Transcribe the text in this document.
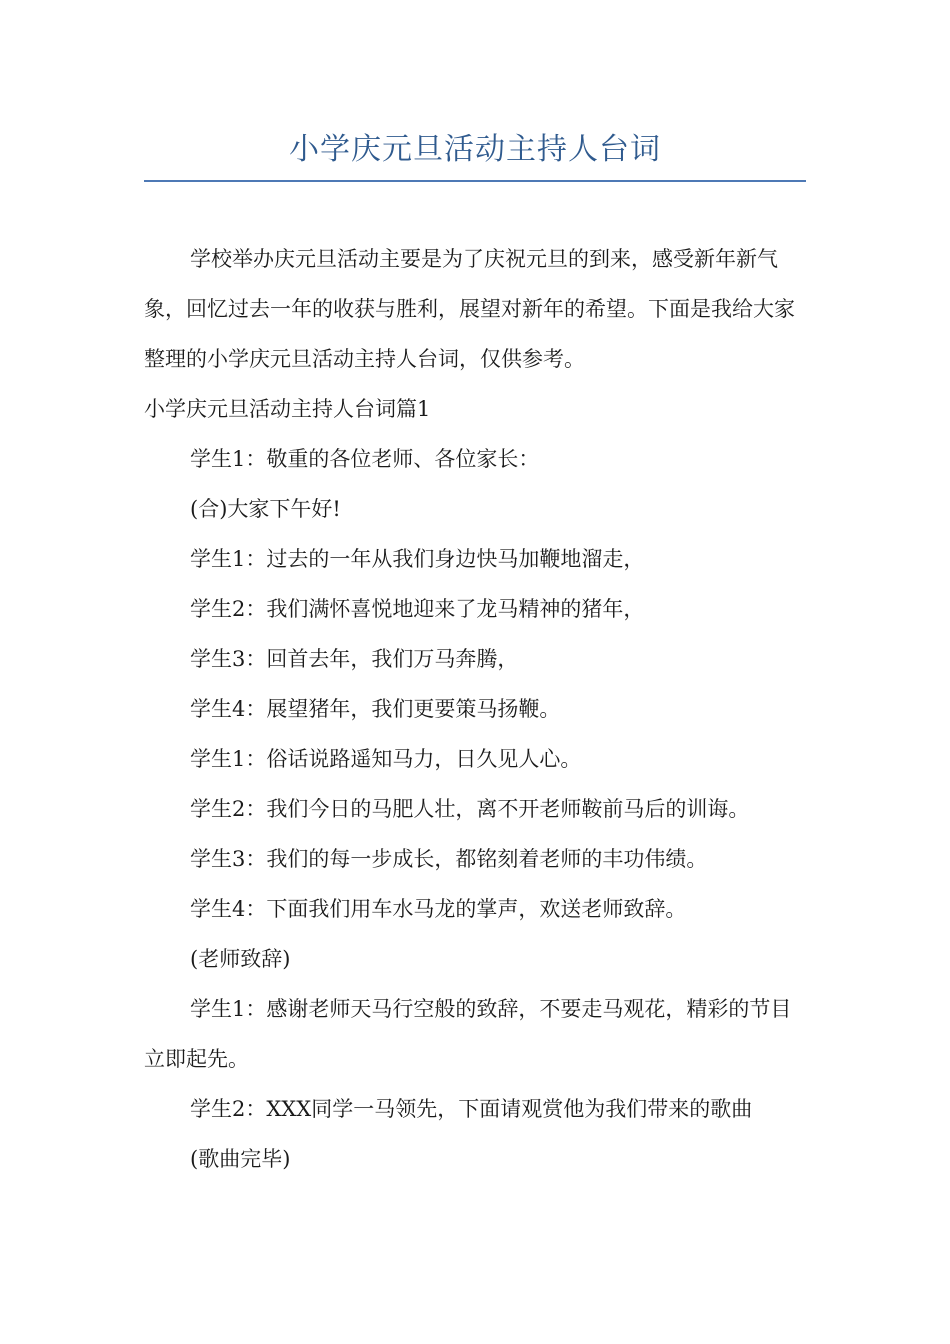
小学庆元旦活动主持人台词

学校举办庆元旦活动主要是为了庆祝元旦的到来，感受新年新气象，回忆过去一年的收获与胜利，展望对新年的希望。下面是我给大家整理的小学庆元旦活动主持人台词，仅供参考。

小学庆元旦活动主持人台词篇1

学生1：敬重的各位老师、各位家长：

(合)大家下午好!

学生1：过去的一年从我们身边快马加鞭地溜走，

学生2：我们满怀喜悦地迎来了龙马精神的猪年，

学生3：回首去年，我们万马奔腾，

学生4：展望猪年，我们更要策马扬鞭。

学生1：俗话说路遥知马力，日久见人心。

学生2：我们今日的马肥人壮，离不开老师鞍前马后的训诲。

学生3：我们的每一步成长，都铭刻着老师的丰功伟绩。

学生4：下面我们用车水马龙的掌声，欢送老师致辞。

(老师致辞)

学生1：感谢老师天马行空般的致辞，不要走马观花，精彩的节目立即起先。

学生2：XXX同学一马领先，下面请观赏他为我们带来的歌曲

(歌曲完毕)
